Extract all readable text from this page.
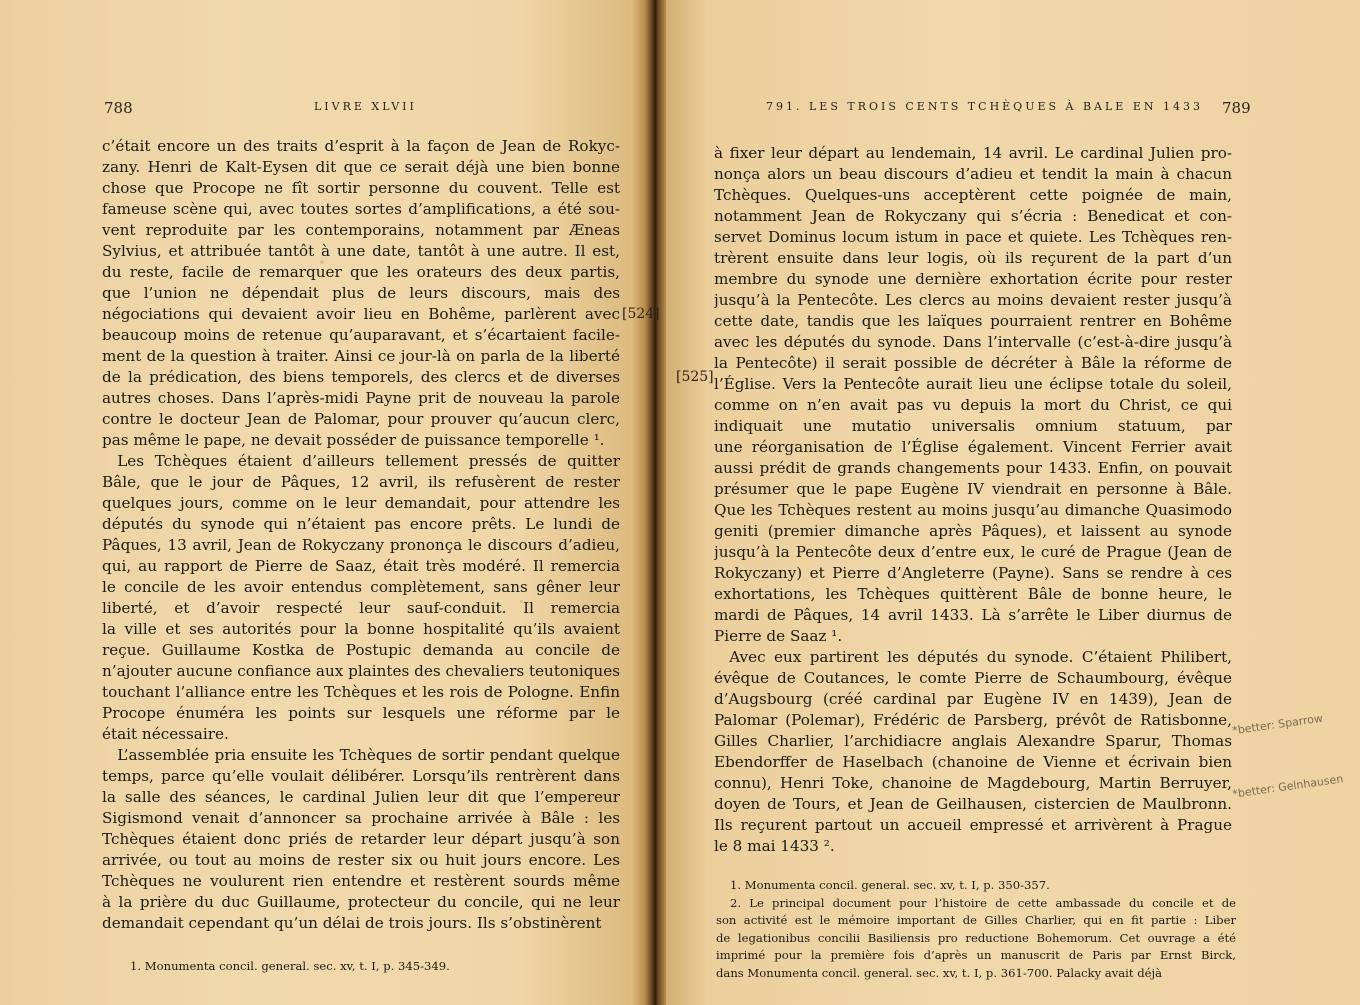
788	LIVRE XLVII
c’était encore un des traits d’esprit à la façon de Jean de Rokyc-
zany. Henri de Kalt-Eysen dit que ce serait déjà une bien bonne
chose que Procope ne fît sortir personne du couvent. Telle est
fameuse scène qui, avec toutes sortes d’amplifications, a été sou-
vent reproduite par les contemporains, notamment par Æneas
Sylvius, et attribuée tantôt à une date, tantôt à une autre. Il est,
du reste, facile de remarquer que les orateurs des deux partis,
que l’union ne dépendait plus de leurs discours, mais des
négociations qui devaient avoir lieu en Bohême, parlèrent avec
beaucoup moins de retenue qu’auparavant, et s’écartaient facile-
ment de la question à traiter. Ainsi ce jour-là on parla de la liberté
de la prédication, des biens temporels, des clercs et de diverses
autres choses. Dans l’après-midi Payne prit de nouveau la parole
contre le docteur Jean de Palomar, pour prouver qu’aucun clerc,
pas même le pape, ne devait posséder de puissance temporelle ¹.
 Les Tchèques étaient d’ailleurs tellement pressés de quitter
Bâle, que le jour de Pâques, 12 avril, ils refusèrent de rester
quelques jours, comme on le leur demandait, pour attendre les
députés du synode qui n’étaient pas encore prêts. Le lundi de
Pâques, 13 avril, Jean de Rokyczany prononça le discours d’adieu,
qui, au rapport de Pierre de Saaz, était très modéré. Il remercia
le concile de les avoir entendus complètement, sans gêner leur
liberté, et d’avoir respecté leur sauf-conduit. Il remercia
la ville et ses autorités pour la bonne hospitalité qu’ils avaient
reçue. Guillaume Kostka de Postupic demanda au concile de
n’ajouter aucune confiance aux plaintes des chevaliers teutoniques
touchant l’alliance entre les Tchèques et les rois de Pologne. Enfin
Procope énuméra les points sur lesquels une réforme par le
était nécessaire.
 L’assemblée pria ensuite les Tchèques de sortir pendant quelque
temps, parce qu’elle voulait délibérer. Lorsqu’ils rentrèrent dans
la salle des séances, le cardinal Julien leur dit que l’empereur
Sigismond venait d’annoncer sa prochaine arrivée à Bâle : les
Tchèques étaient donc priés de retarder leur départ jusqu’à son
arrivée, ou tout au moins de rester six ou huit jours encore. Les
Tchèques ne voulurent rien entendre et restèrent sourds même
à la prière du duc Guillaume, protecteur du concile, qui ne leur
demandait cependant qu’un délai de trois jours. Ils s’obstinèrent
1. Monumenta concil. general. sec. xv, t. I, p. 345-349.
791. LES TROIS CENTS TCHÈQUES À BALE EN 1433 789
à fixer leur départ au lendemain, 14 avril. Le cardinal Julien pro-
nonça alors un beau discours d’adieu et tendit la main à chacun
Tchèques. Quelques-uns acceptèrent cette poignée de main,
notamment Jean de Rokyczany qui s’écria : Benedicat et con-
servet Dominus locum istum in pace et quiete. Les Tchèques ren-
trèrent ensuite dans leur logis, où ils reçurent de la part d’un
membre du synode une dernière exhortation écrite pour rester
jusqu’à la Pentecôte. Les clercs au moins devaient rester jusqu’à
cette date, tandis que les laïques pourraient rentrer en Bohême
avec les députés du synode. Dans l’intervalle (c’est-à-dire jusqu’à
la Pentecôte) il serait possible de décréter à Bâle la réforme de
l’Église. Vers la Pentecôte aurait lieu une éclipse totale du soleil,
comme on n’en avait pas vu depuis la mort du Christ, ce qui
indiquait une mutatio universalis omnium statuum, par
une réorganisation de l’Église également. Vincent Ferrier avait
aussi prédit de grands changements pour 1433. Enfin, on pouvait
présumer que le pape Eugène IV viendrait en personne à Bâle.
Que les Tchèques restent au moins jusqu’au dimanche Quasimodo
geniti (premier dimanche après Pâques), et laissent au synode
jusqu’à la Pentecôte deux d’entre eux, le curé de Prague (Jean de
Rokyczany) et Pierre d’Angleterre (Payne). Sans se rendre à ces
exhortations, les Tchèques quittèrent Bâle de bonne heure, le
mardi de Pâques, 14 avril 1433. Là s’arrête le Liber diurnus de
Pierre de Saaz ¹.
 Avec eux partirent les députés du synode. C’étaient Philibert,
évêque de Coutances, le comte Pierre de Schaumbourg, évêque
d’Augsbourg (créé cardinal par Eugène IV en 1439), Jean de
Palomar (Polemar), Frédéric de Parsberg, prévôt de Ratisbonne,
Gilles Charlier, l’archidiacre anglais Alexandre Sparur, Thomas
Ebendorffer de Haselbach (chanoine de Vienne et écrivain bien
connu), Henri Toke, chanoine de Magdebourg, Martin Berruyer,
doyen de Tours, et Jean de Geilhausen, cistercien de Maulbronn.
Ils reçurent partout un accueil empressé et arrivèrent à Prague
le 8 mai 1433 ².
1. Monumenta concil. general. sec. xv, t. I, p. 350-357.
2. Le principal document pour l’histoire de cette ambassade du concile et de
son activité est le mémoire important de Gilles Charlier, qui en fit partie : Liber
de legationibus concilii Basiliensis pro reductione Bohemorum. Cet ouvrage a été
imprimé pour la première fois d’après un manuscrit de Paris par Ernst Birck,
dans Monumenta concil. general. sec. xv, t. I, p. 361-700. Palacky avait déjà
*better: Sparrow
*better: Gelnhausen
[524]
[525]
